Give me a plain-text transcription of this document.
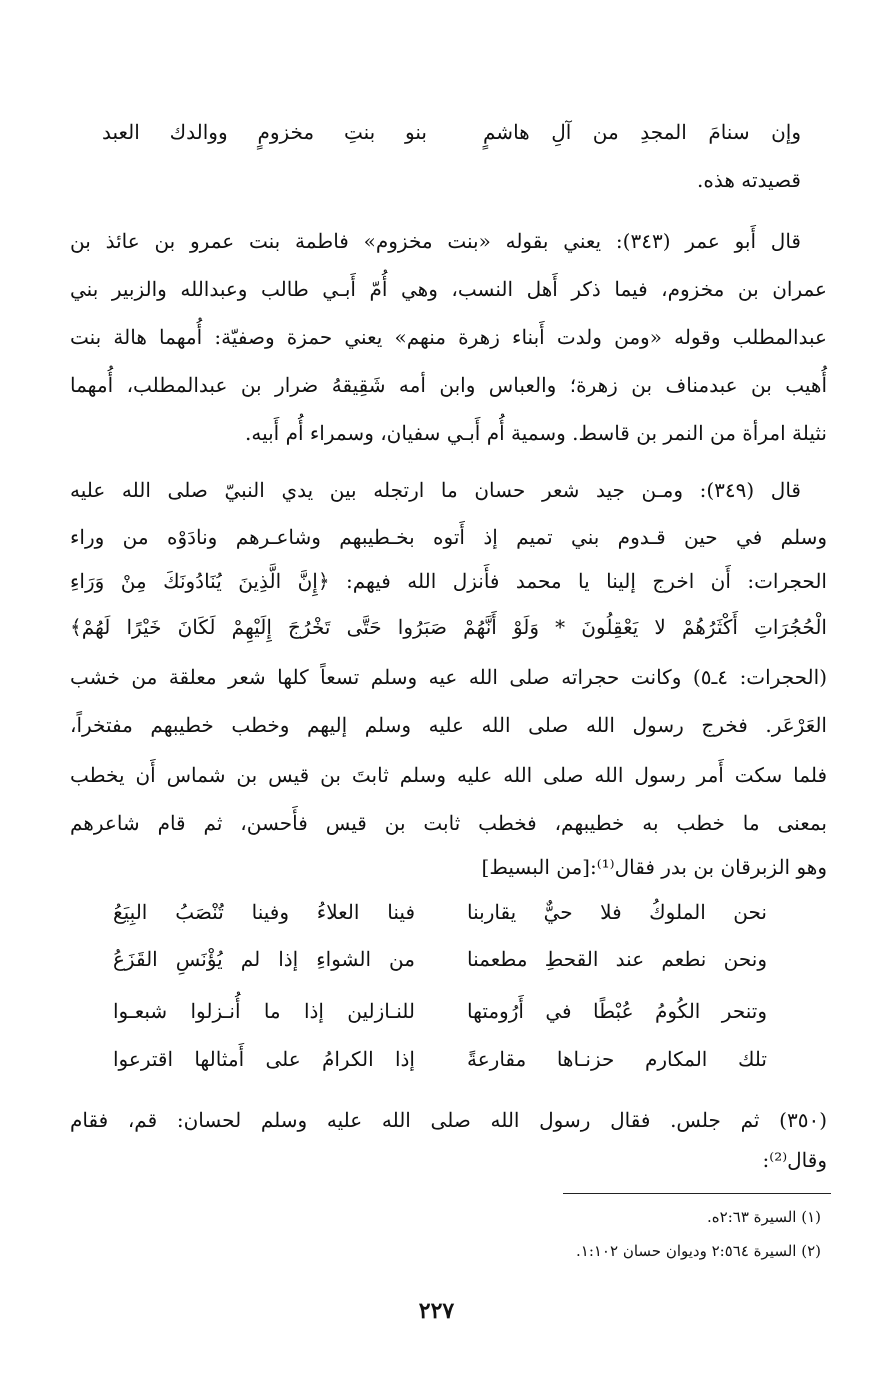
وإن سنامَ المجدِ من آلِ هاشمٍ
بنو بنتِ مخزومٍ ووالدك العبد
قصيدته هذه.
قال أَبو عمر (٣٤٣): يعني بقوله «بنت مخزوم» فاطمة بنت عمرو بن عائذ بن
عمران بن مخزوم، فيما ذكر أَهل النسب، وهي أُمّ أَبـي طالب وعبدالله والزبير بني
عبدالمطلب وقوله «ومن ولدت أَبناء زهرة منهم» يعني حمزة وصفيّة: أُمهما هالة بنت
أُهيب بن عبدمناف بن زهرة؛ والعباس وابن أمه شَقِيقهُ ضرار بن عبدالمطلب، أُمهما
نثيلة امرأة من النمر بن قاسط. وسمية أُم أَبـي سفيان، وسمراء أُم أَبيه.
قال (٣٤٩): ومـن جيد شعر حسان ما ارتجله بين يدي النبيّ صلى الله عليه
وسلم في حين قـدوم بني تميم إذ أَتوه بخـطيبهم وشاعـرهم ونادَوْه من وراء
الحجرات: أَن اخرج إلينا يا محمد فأَنزل الله فيهم: ﴿إِنَّ الَّذِينَ يُنَادُونَكَ مِنْ وَرَاءِ
الْحُجُرَاتِ أَكْثَرُهُمْ لا يَعْقِلُونَ * وَلَوْ أَنَّهُمْ صَبَرُوا حَتَّى تَخْرُجَ إِلَيْهِمْ لَكَانَ خَيْرًا لَهُمْ﴾
(الحجرات: ٤ـ٥) وكانت حجراته صلى الله عيه وسلم تسعاً كلها شعر معلقة من خشب
العَرْعَر. فخرج رسول الله صلى الله عليه وسلم إليهم وخطب خطيبهم مفتخراً،
فلما سكت أَمر رسول الله صلى الله عليه وسلم ثابتَ بن قيس بن شماس أَن يخطب
بمعنى ما خطب به خطيبهم، فخطب ثابت بن قيس فأَحسن، ثم قام شاعرهم
وهو الزبرقان بن بدر فقال⁽¹⁾:[من البسيط]
نحن الملوكُ فلا حيٌّ يقاربنا
فينا العلاءُ وفينا تُنْصَبُ البِيَعُ
ونحن نطعم عند القحطِ مطعمنا
من الشواءِ إذا لم يُؤْنَسِ القَزَعُ
وتنحر الكُومُ عُبْطًا في أَرُومتها
للنـازلين إذا ما أُنـزلوا شبعـوا
تلك المكارم حزنـاها مقارعةً
إذا الكرامُ على أَمثالها اقترعوا
(٣٥٠) ثم جلس. فقال رسول الله صلى الله عليه وسلم لحسان: قم، فقام
وقال⁽²⁾:
(١) السيرة ٢:٦٣ه.
(٢) السيرة ٢:٥٦٤ وديوان حسان ١:١٠٢.
٢٢٧
